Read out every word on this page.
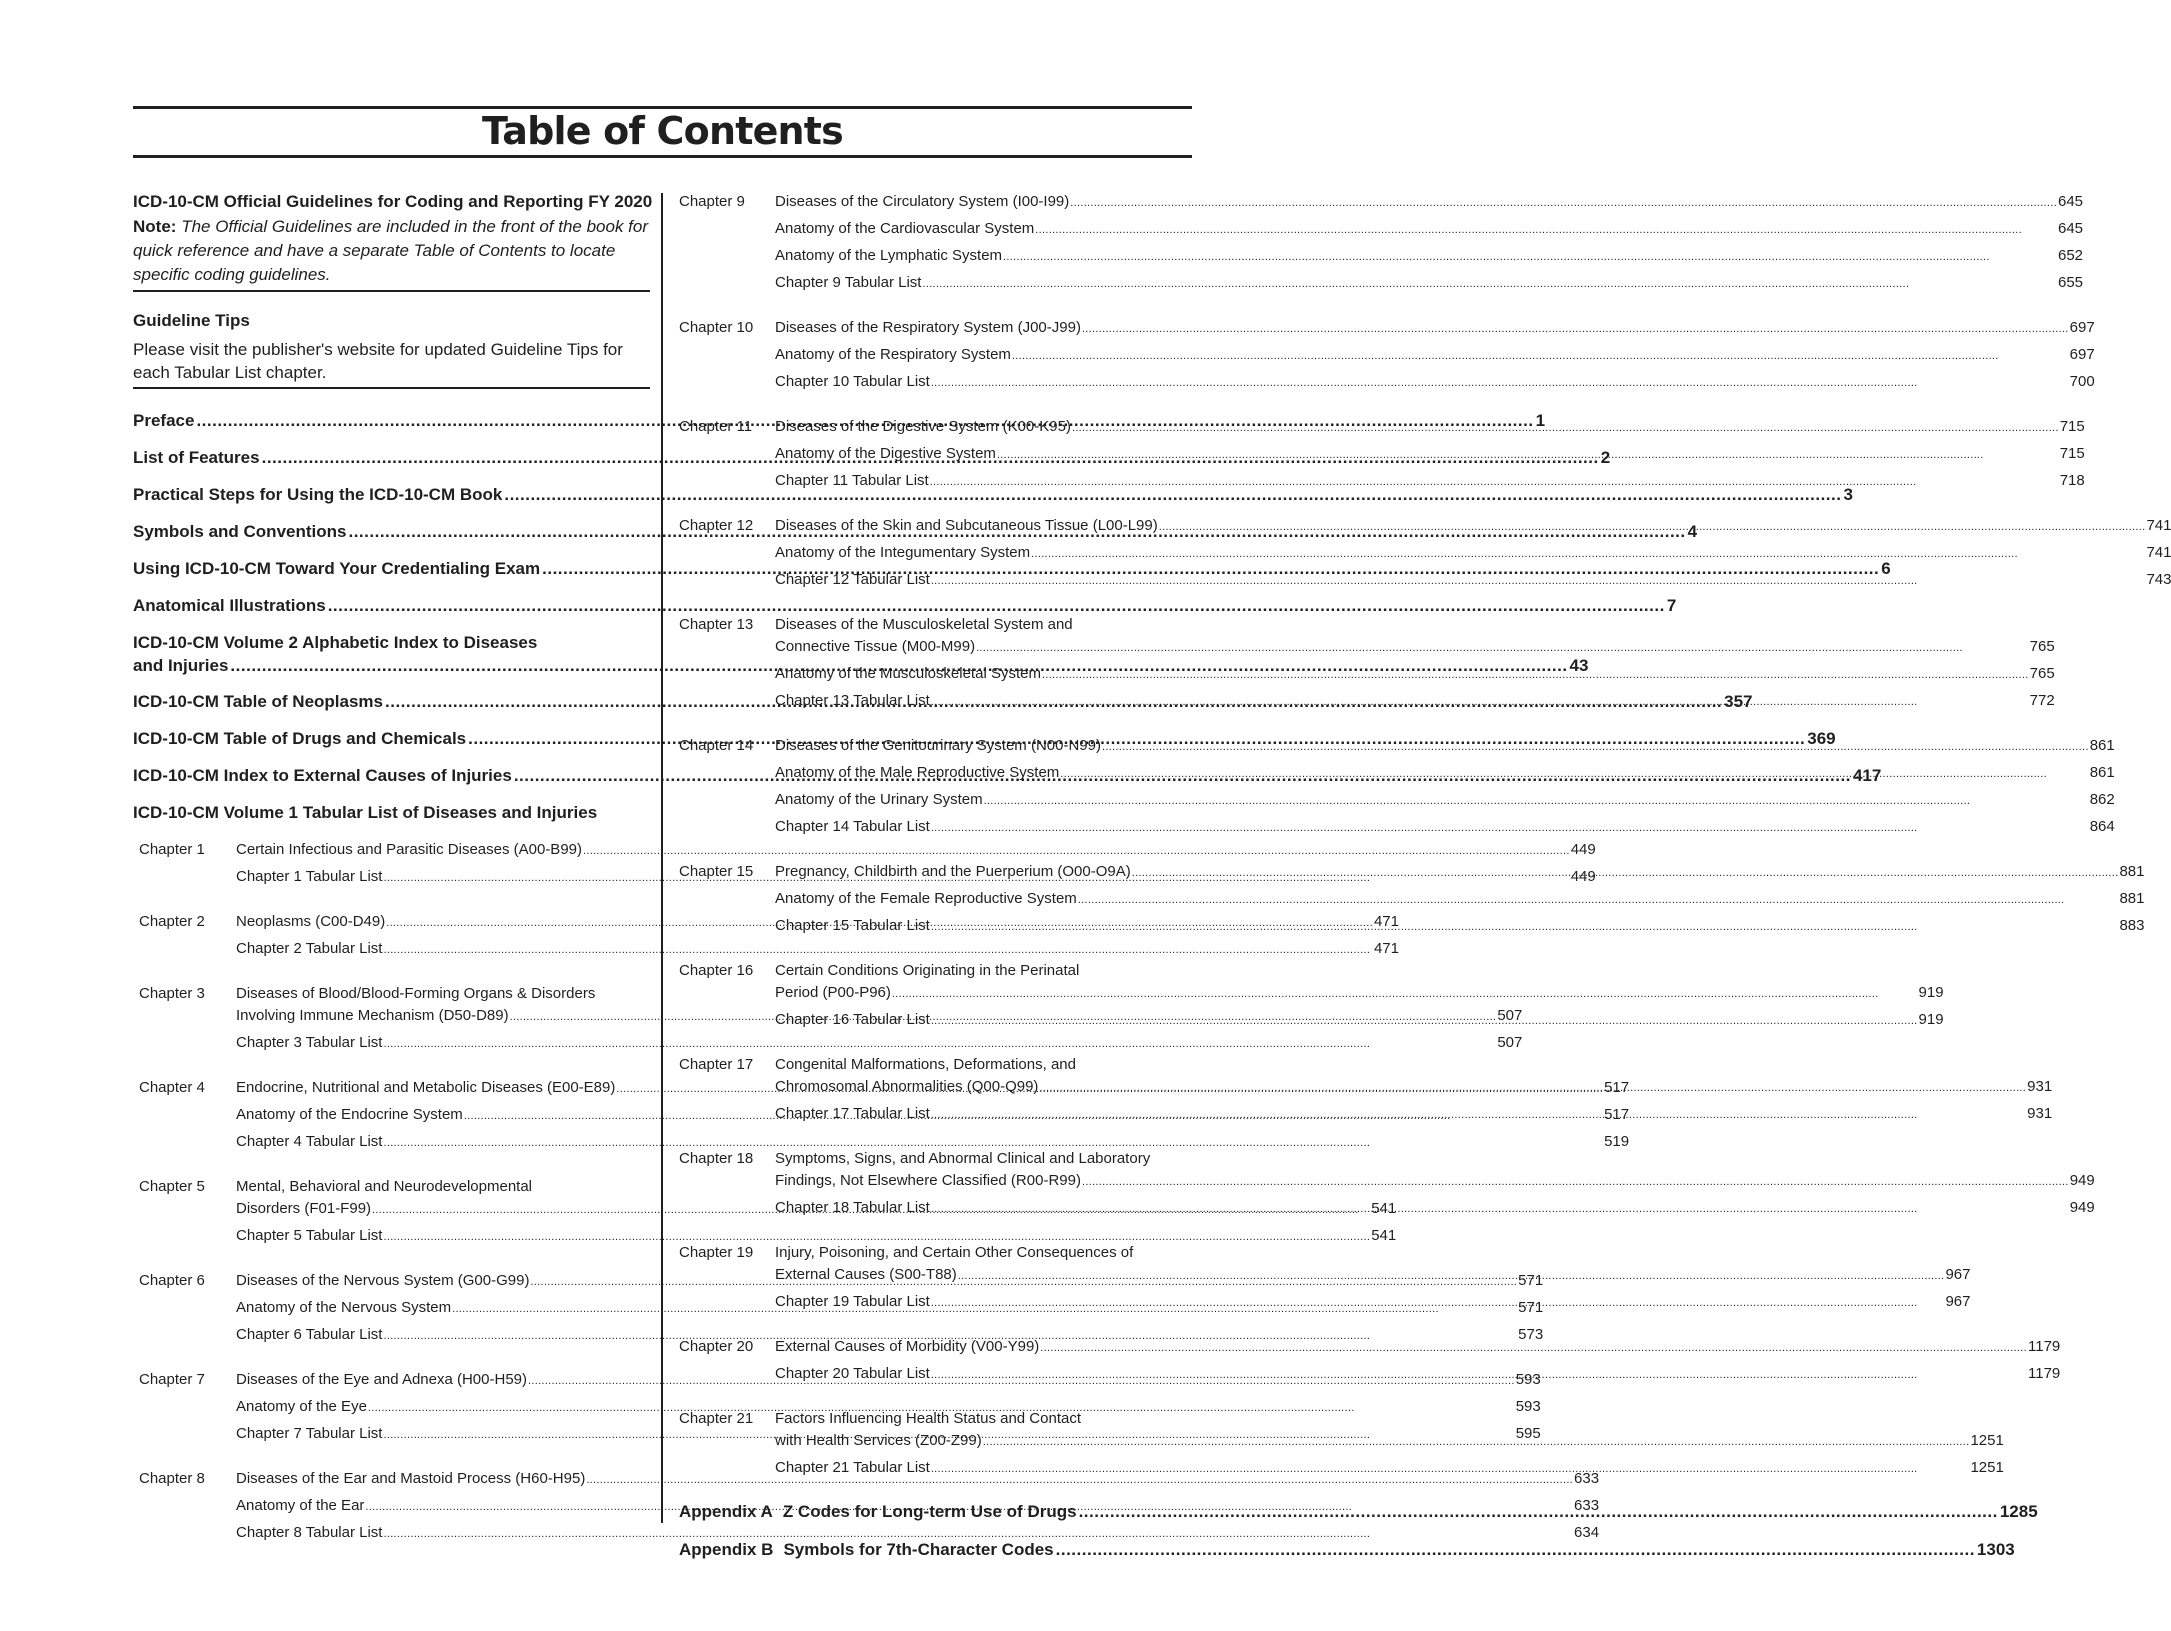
Table of Contents
ICD-10-CM Official Guidelines for Coding and Reporting FY 2020
Note: The Official Guidelines are included in the front of the book for quick reference and have a separate Table of Contents to locate specific coding guidelines.
Guideline Tips
Please visit the publisher's website for updated Guideline Tips for each Tabular List chapter.
Preface .....	1
List of Features .....	2
Practical Steps for Using the ICD-10-CM Book .....	3
Symbols and Conventions .....	4
Using ICD-10-CM Toward Your Credentialing Exam .....	6
Anatomical Illustrations .....	7
ICD-10-CM Volume 2 Alphabetic Index to Diseases
and Injuries .....	43
ICD-10-CM Table of Neoplasms .....	357
ICD-10-CM Table of Drugs and Chemicals .....	369
ICD-10-CM Index to External Causes of Injuries .....	417
ICD-10-CM Volume 1 Tabular List of Diseases and Injuries
Chapter 1	Certain Infectious and Parasitic Diseases (A00-B99) .....	449
Chapter 1 Tabular List .....	449
Chapter 2	Neoplasms (C00-D49) .....	471
Chapter 2 Tabular List .....	471
Chapter 3	Diseases of Blood/Blood-Forming Organs & Disorders
Involving Immune Mechanism (D50-D89) .....	507
Chapter 3 Tabular List .....	507
Chapter 4	Endocrine, Nutritional and Metabolic Diseases (E00-E89) .....	517
Anatomy of the Endocrine System .....	517
Chapter 4 Tabular List .....	519
Chapter 5	Mental, Behavioral and Neurodevelopmental
Disorders (F01-F99) .....	541
Chapter 5 Tabular List .....	541
Chapter 6	Diseases of the Nervous System (G00-G99) .....	571
Anatomy of the Nervous System .....	571
Chapter 6 Tabular List .....	573
Chapter 7	Diseases of the Eye and Adnexa (H00-H59) .....	593
Anatomy of the Eye .....	593
Chapter 7 Tabular List .....	595
Chapter 8	Diseases of the Ear and Mastoid Process (H60-H95) .....	633
Anatomy of the Ear .....	633
Chapter 8 Tabular List .....	634
Chapter 9	Diseases of the Circulatory System (I00-I99) .....	645
Anatomy of the Cardiovascular System .....	645
Anatomy of the Lymphatic System .....	652
Chapter 9 Tabular List .....	655
Chapter 10	Diseases of the Respiratory System (J00-J99) .....	697
Anatomy of the Respiratory System .....	697
Chapter 10 Tabular List .....	700
Chapter 11	Diseases of the Digestive System (K00-K95) .....	715
Anatomy of the Digestive System .....	715
Chapter 11 Tabular List .....	718
Chapter 12	Diseases of the Skin and Subcutaneous Tissue (L00-L99) .....	741
Anatomy of the Integumentary System .....	741
Chapter 12 Tabular List .....	743
Chapter 13	Diseases of the Musculoskeletal System and
Connective Tissue (M00-M99) .....	765
Anatomy of the Musculoskeletal System .....	765
Chapter 13 Tabular List .....	772
Chapter 14	Diseases of the Genitourinary System (N00-N99) .....	861
Anatomy of the Male Reproductive System .....	861
Anatomy of the Urinary System .....	862
Chapter 14 Tabular List .....	864
Chapter 15	Pregnancy, Childbirth and the Puerperium (O00-O9A) .....	881
Anatomy of the Female Reproductive System .....	881
Chapter 15 Tabular List .....	883
Chapter 16	Certain Conditions Originating in the Perinatal
Period (P00-P96) .....	919
Chapter 16 Tabular List .....	919
Chapter 17	Congenital Malformations, Deformations, and
Chromosomal Abnormalities (Q00-Q99) .....	931
Chapter 17 Tabular List .....	931
Chapter 18	Symptoms, Signs, and Abnormal Clinical and Laboratory
Findings, Not Elsewhere Classified (R00-R99) .....	949
Chapter 18 Tabular List .....	949
Chapter 19	Injury, Poisoning, and Certain Other Consequences of
External Causes (S00-T88) .....	967
Chapter 19 Tabular List .....	967
Chapter 20	External Causes of Morbidity (V00-Y99) .....	1179
Chapter 20 Tabular List .....	1179
Chapter 21	Factors Influencing Health Status and Contact
with Health Services (Z00-Z99) .....	1251
Chapter 21 Tabular List .....	1251
Appendix A Z Codes for Long-term Use of Drugs .....	1285
Appendix B Symbols for 7th-Character Codes .....	1303
